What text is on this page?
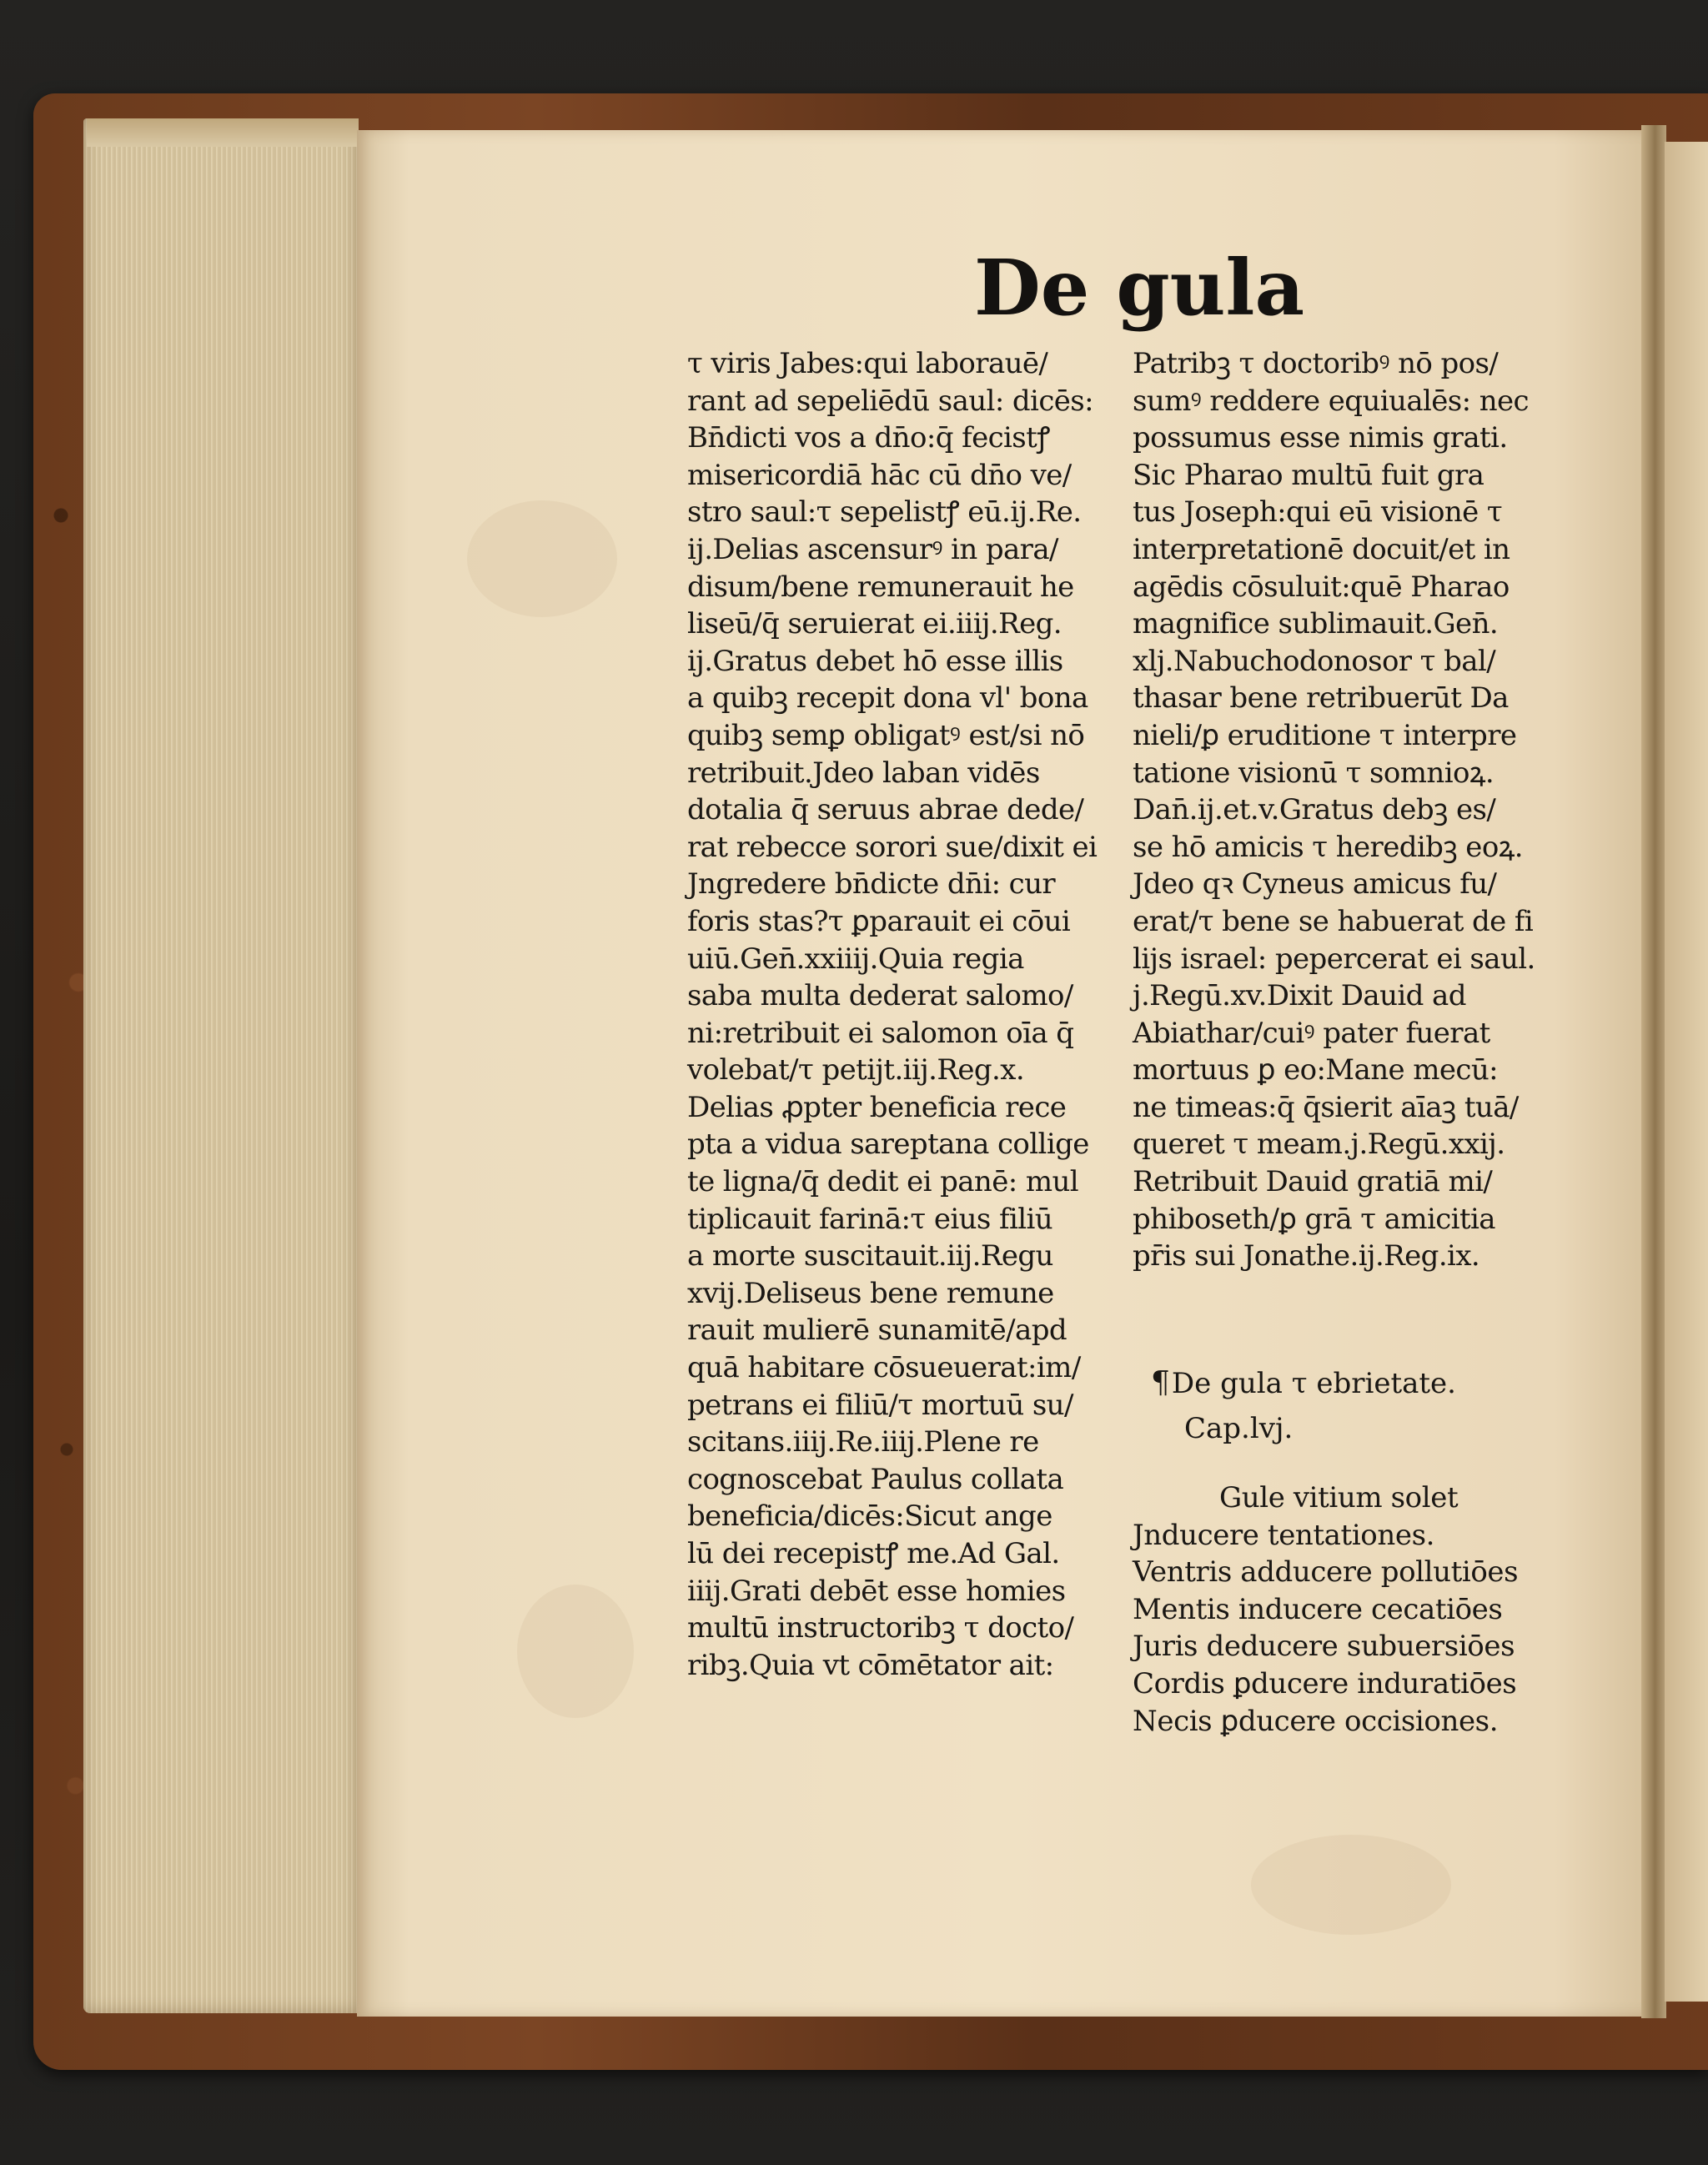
De gula
τ viris Jabes:qui laborauē/
rant ad sepeliēdū saul: dicēs:
Bn̄dicti vos a dn̄o:q̄ fecistꝭ
misericordiā hāc cū dn̄o ve/
stro saul:τ sepelistꝭ eū.ij.Re.
ij.Delias ascensurꝰ in para/
disum/bene remunerauit he
liseū/q̄ seruierat ei.iiij.Reg.
ij.Gratus debet hō esse illis
a quibꝫ recepit dona vl' bona
quibꝫ semꝑ obligatꝰ est/si nō
retribuit.Jdeo laban vidēs
dotalia q̄ seruus abrae dede/
rat rebecce sorori sue/dixit ei
Jngredere bn̄dicte dn̄i: cur
foris stas?τ ꝑparauit ei cōui
uiū.Gen̄.xxiiij.Quia regia
saba multa dederat salomo/
ni:retribuit ei salomon oīa q̄
volebat/τ petijt.iij.Reg.x.
Delias ꝓpter beneficia rece
pta a vidua sareptana collige
te ligna/q̄ dedit ei panē: mul
tiplicauit farinā:τ eius filiū
a morte suscitauit.iij.Regu
xvij.Deliseus bene remune
rauit mulierē sunamitē/apd
quā habitare cōsueuerat:im/
petrans ei filiū/τ mortuū su/
scitans.iiij.Re.iiij.Plene re
cognoscebat Paulus collata
beneficia/dicēs:Sicut ange
lū dei recepistꝭ me.Ad Gal.
iiij.Grati debēt esse homies
multū instructoribꝫ τ docto/
ribꝫ.Quia vt cōmētator ait:
Patribꝫ τ doctoribꝰ nō pos/
sumꝰ reddere equiualēs: nec
possumus esse nimis grati.
Sic Pharao multū fuit gra
tus Joseph:qui eū visionē τ
interpretationē docuit/et in
agēdis cōsuluit:quē Pharao
magnifice sublimauit.Gen̄.
xlj.Nabuchodonosor τ bal/
thasar bene retribuerūt Da
nieli/ꝑ eruditione τ interpre
tatione visionū τ somnioꝝ.
Dan̄.ij.et.v.Gratus debꝫ es/
se hō amicis τ heredibꝫ eoꝝ.
Jdeo qꝛ Cyneus amicus fu/
erat/τ bene se habuerat de fi
lijs israel: pepercerat ei saul.
j.Regū.xv.Dixit Dauid ad
Abiathar/cuiꝰ pater fuerat
mortuus ꝑ eo:Mane mecū:
ne timeas:q̄ q̄sierit aīaꝫ tuā/
queret τ meam.j.Regū.xxij.
Retribuit Dauid gratiā mi/
phiboseth/ꝑ grā τ amicitia
pr̄is sui Jonathe.ij.Reg.ix.
¶De gula τ ebrietate.
Cap.lvj.
Gule vitium solet
Jnducere tentationes.
Ventris adducere pollutiōes
Mentis inducere cecatiōes
Juris deducere subuersiōes
Cordis ꝑducere induratiōes
Necis ꝑducere occisiones.
